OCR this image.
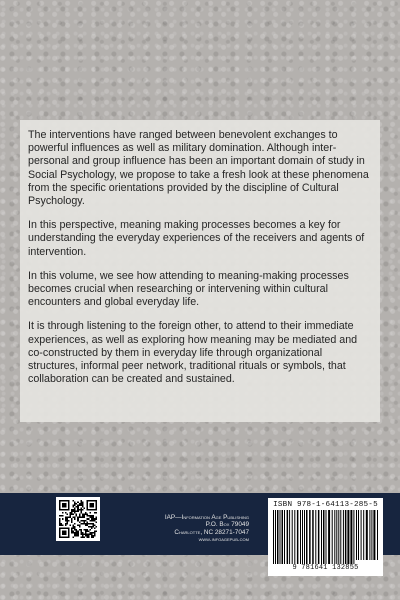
The interventions have ranged between benevolent exchanges to powerful influences as well as military domination. Although inter-personal and group influence has been an important domain of study in Social Psychology, we propose to take a fresh look at these phenomena from the specific orientations provided by the discipline of Cultural Psychology.

In this perspective, meaning making processes becomes a key for understanding the everyday experiences of the receivers and agents of intervention.

In this volume, we see how attending to meaning-making processes becomes crucial when researching or intervening within cultural encounters and global everyday life.

It is through listening to the foreign other, to attend to their immediate experiences, as well as exploring how meaning may be mediated and co-constructed by them in everyday life through organizational structures, informal peer network, traditional rituals or symbols, that collaboration can be created and sustained.

IAP—Information Age Publishing
P.O. Box 79049
Charlotte, NC 28271-7047
www.infoagepub.com
ISBN 978-1-64113-285-5
9 781641 132855
